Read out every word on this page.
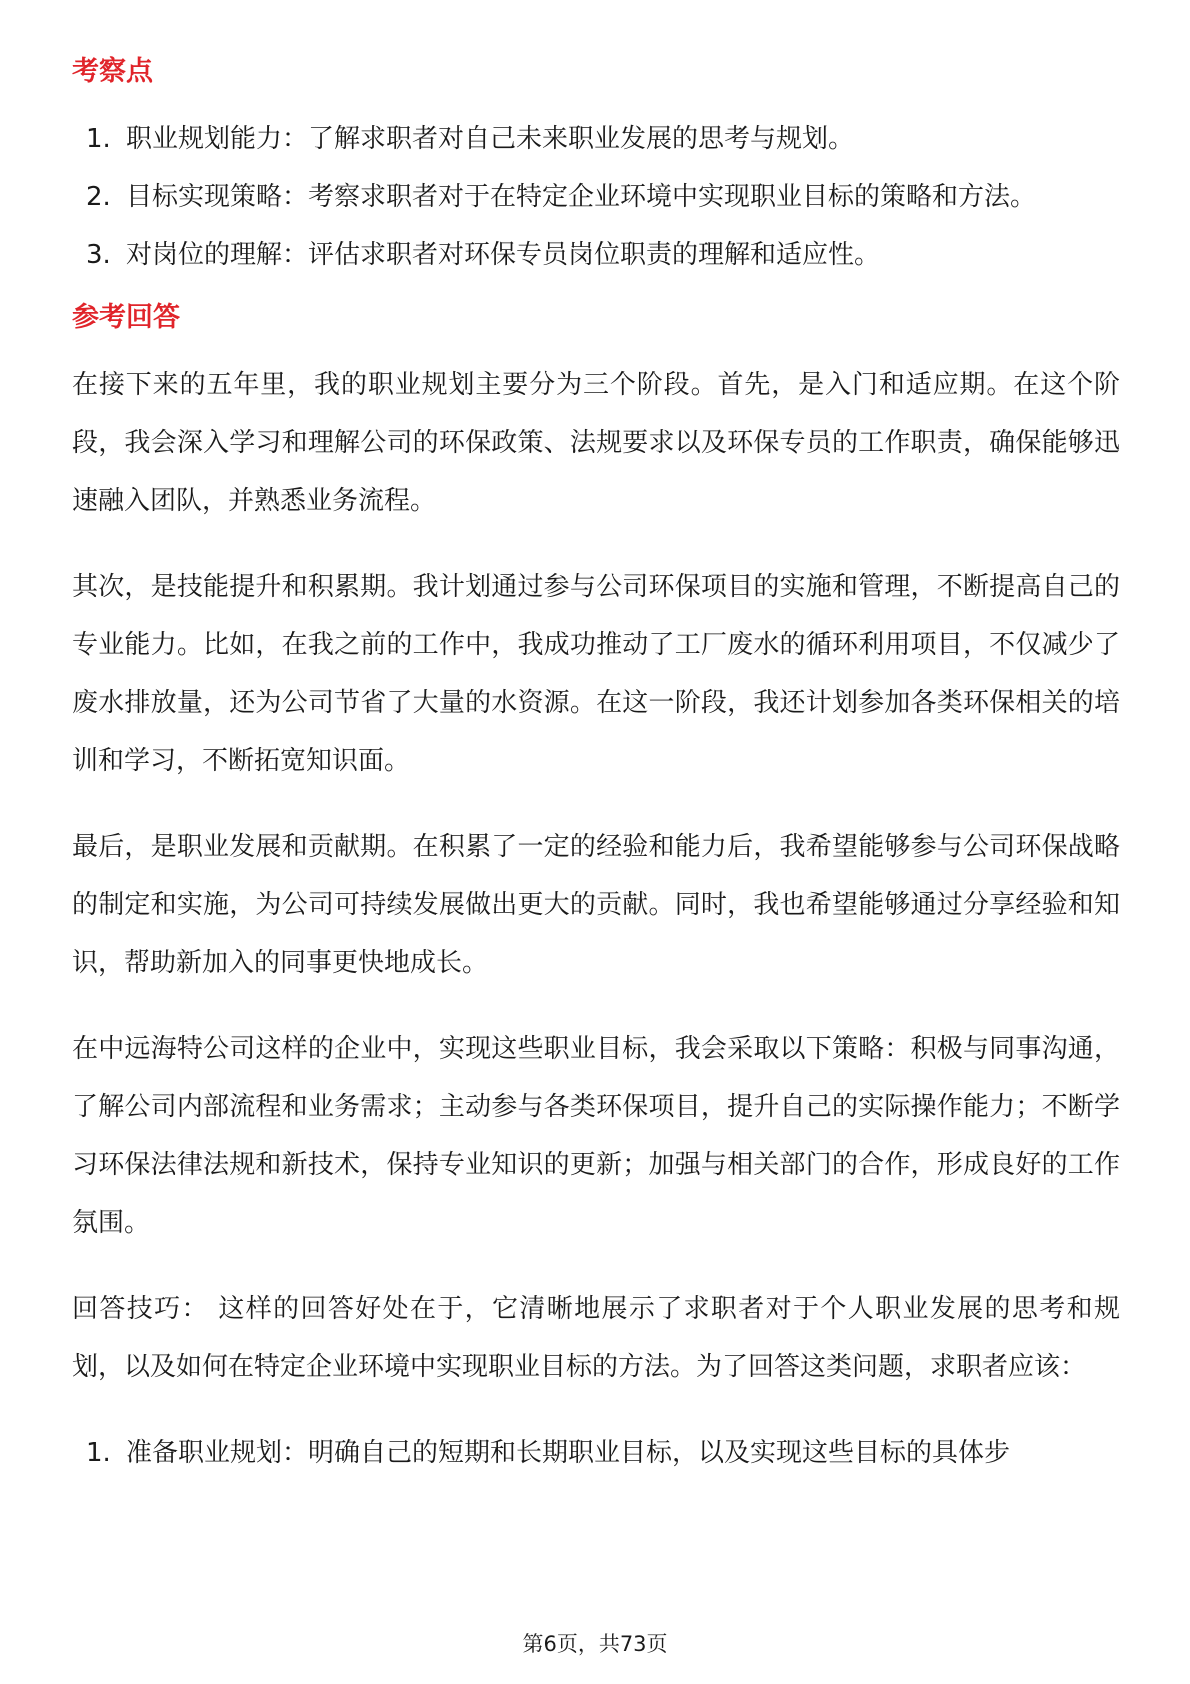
考察点
1. 职业规划能力：了解求职者对自己未来职业发展的思考与规划。
2. 目标实现策略：考察求职者对于在特定企业环境中实现职业目标的策略和方法。
3. 对岗位的理解：评估求职者对环保专员岗位职责的理解和适应性。
参考回答

在接下来的五年里，我的职业规划主要分为三个阶段。首先，是入门和适应期。在这个阶段，我会深入学习和理解公司的环保政策、法规要求以及环保专员的工作职责，确保能够迅速融入团队，并熟悉业务流程。

其次，是技能提升和积累期。我计划通过参与公司环保项目的实施和管理，不断提高自己的专业能力。比如，在我之前的工作中，我成功推动了工厂废水的循环利用项目，不仅减少了废水排放量，还为公司节省了大量的水资源。在这一阶段，我还计划参加各类环保相关的培训和学习，不断拓宽知识面。

最后，是职业发展和贡献期。在积累了一定的经验和能力后，我希望能够参与公司环保战略的制定和实施，为公司可持续发展做出更大的贡献。同时，我也希望能够通过分享经验和知识，帮助新加入的同事更快地成长。

在中远海特公司这样的企业中，实现这些职业目标，我会采取以下策略：积极与同事沟通，了解公司内部流程和业务需求；主动参与各类环保项目，提升自己的实际操作能力；不断学习环保法律法规和新技术，保持专业知识的更新；加强与相关部门的合作，形成良好的工作氛围。

回答技巧： 这样的回答好处在于，它清晰地展示了求职者对于个人职业发展的思考和规划，以及如何在特定企业环境中实现职业目标的方法。为了回答这类问题，求职者应该：

1. 准备职业规划：明确自己的短期和长期职业目标，以及实现这些目标的具体步
第6页，共73页
